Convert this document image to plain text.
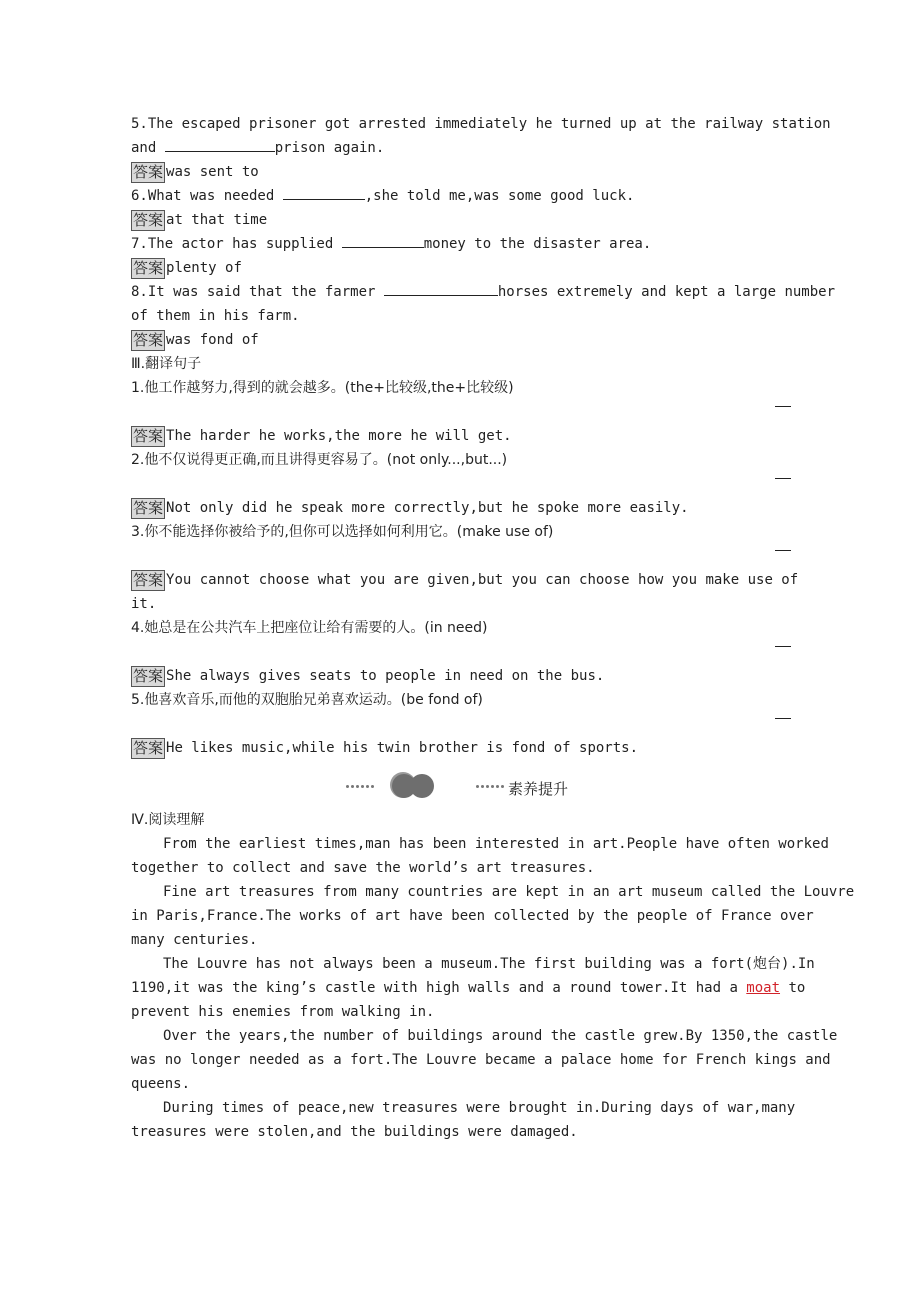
5.The escaped prisoner got arrested immediately he turned up at the railway station
and	prison again.
答案 was sent to
6.What was needed	,she told me,was some good luck.
答案 at that time
7.The actor has supplied	money to the disaster area.
答案 plenty of
8.It was said that the farmer	horses extremely and kept a large number
of them in his farm.
答案 was fond of
Ⅲ.翻译句子
1.他工作越努力,得到的就会越多。(the+比较级,the+比较级)
答案 The harder he works,the more he will get.
2.他不仅说得更正确,而且讲得更容易了。(not only...,but...)
答案 Not only did he speak more correctly,but he spoke more easily.
3.你不能选择你被给予的,但你可以选择如何利用它。(make use of)
答案 You cannot choose what you are given,but you can choose how you make use of
it.
4.她总是在公共汽车上把座位让给有需要的人。(in need)
答案 She always gives seats to people in need on the bus.
5.他喜欢音乐,而他的双胞胎兄弟喜欢运动。(be fond of)
答案 He likes music,while his twin brother is fond of sports.
Ⅳ.阅读理解
From the earliest times,man has been interested in art.People have often worked
together to collect and save the world’s art treasures.
Fine art treasures from many countries are kept in an art museum called the Louvre
in Paris,France.The works of art have been collected by the people of France over
many centuries.
The Louvre has not always been a museum.The first building was a fort(炮台).In
1190,it was the king’s castle with high walls and a round tower.It had a moat to
prevent his enemies from walking in.
Over the years,the number of buildings around the castle grew.By 1350,the castle
was no longer needed as a fort.The Louvre became a palace home for French kings and
queens.
During times of peace,new treasures were brought in.During days of war,many
treasures were stolen,and the buildings were damaged.
素养提升
